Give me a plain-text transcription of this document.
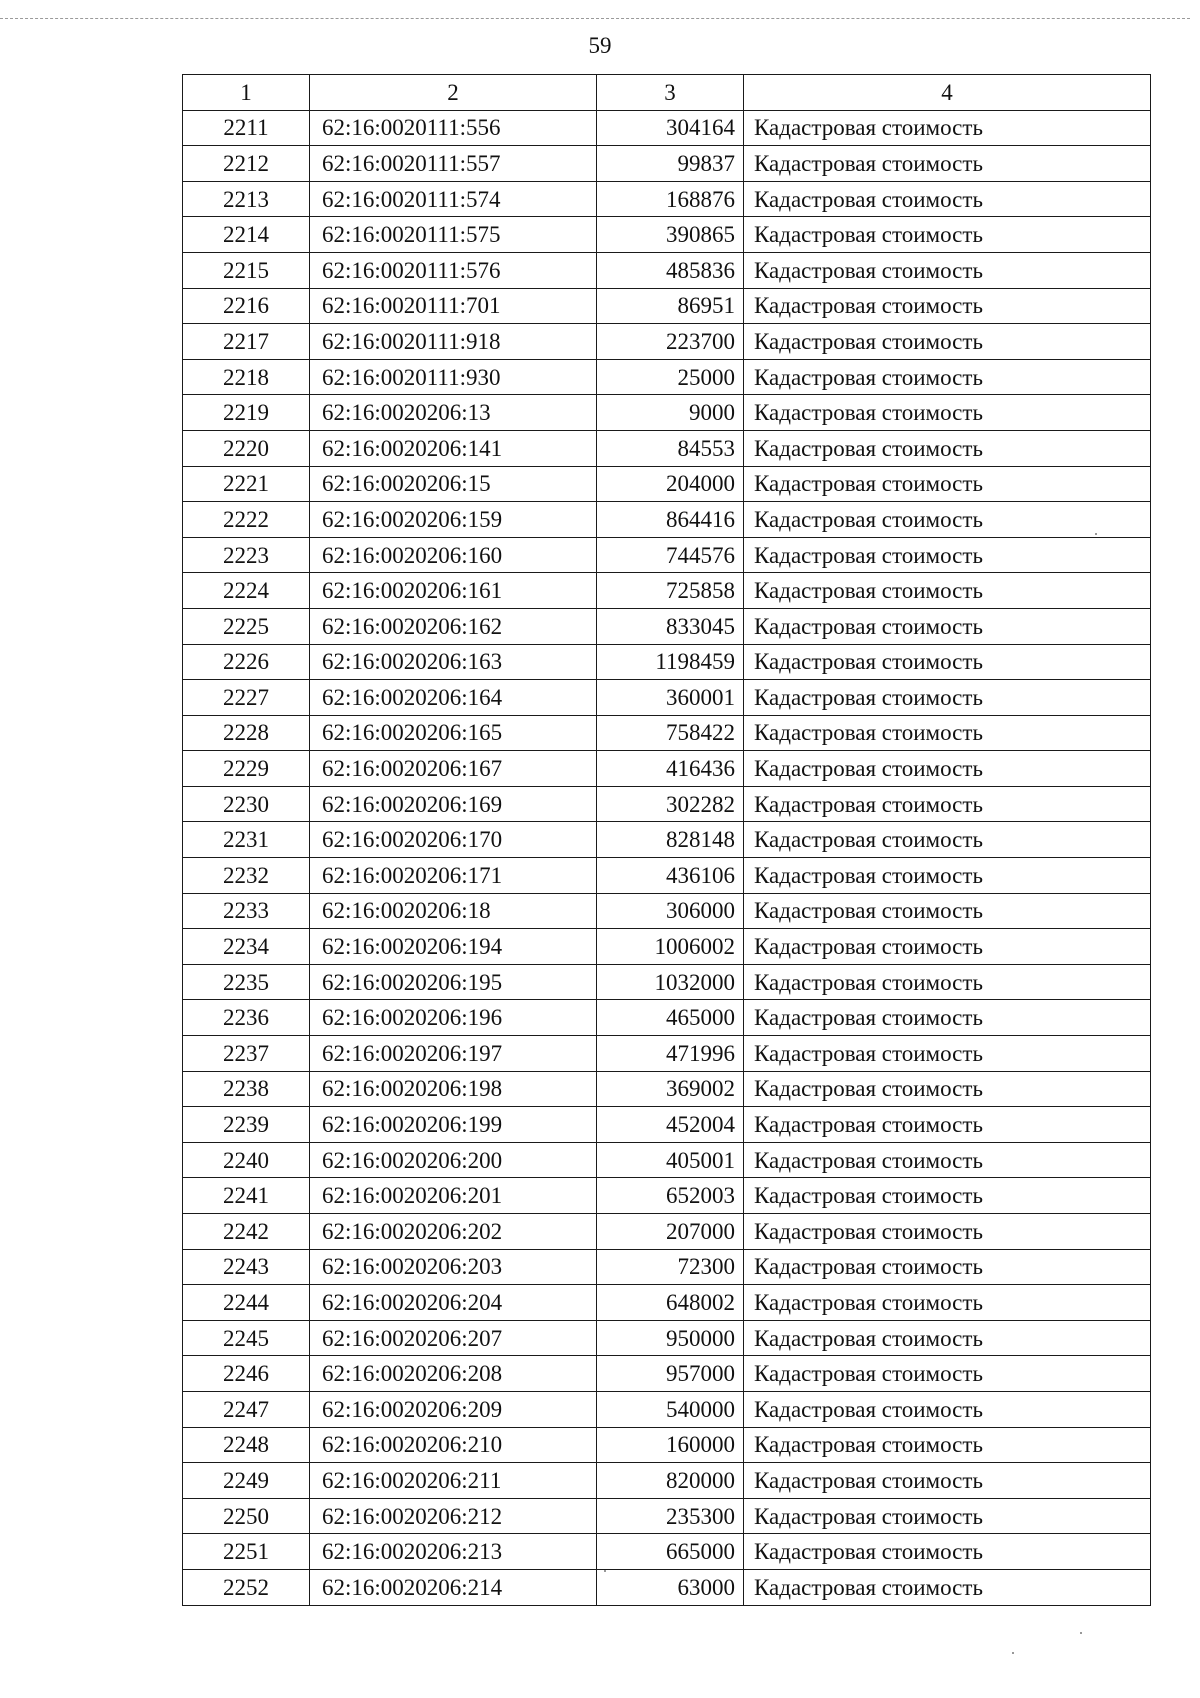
59
1	2	3	4
2211	62:16:0020111:556	304164	Кадастровая стоимость
2212	62:16:0020111:557	99837	Кадастровая стоимость
2213	62:16:0020111:574	168876	Кадастровая стоимость
2214	62:16:0020111:575	390865	Кадастровая стоимость
2215	62:16:0020111:576	485836	Кадастровая стоимость
2216	62:16:0020111:701	86951	Кадастровая стоимость
2217	62:16:0020111:918	223700	Кадастровая стоимость
2218	62:16:0020111:930	25000	Кадастровая стоимость
2219	62:16:0020206:13	9000	Кадастровая стоимость
2220	62:16:0020206:141	84553	Кадастровая стоимость
2221	62:16:0020206:15	204000	Кадастровая стоимость
2222	62:16:0020206:159	864416	Кадастровая стоимость
2223	62:16:0020206:160	744576	Кадастровая стоимость
2224	62:16:0020206:161	725858	Кадастровая стоимость
2225	62:16:0020206:162	833045	Кадастровая стоимость
2226	62:16:0020206:163	1198459	Кадастровая стоимость
2227	62:16:0020206:164	360001	Кадастровая стоимость
2228	62:16:0020206:165	758422	Кадастровая стоимость
2229	62:16:0020206:167	416436	Кадастровая стоимость
2230	62:16:0020206:169	302282	Кадастровая стоимость
2231	62:16:0020206:170	828148	Кадастровая стоимость
2232	62:16:0020206:171	436106	Кадастровая стоимость
2233	62:16:0020206:18	306000	Кадастровая стоимость
2234	62:16:0020206:194	1006002	Кадастровая стоимость
2235	62:16:0020206:195	1032000	Кадастровая стоимость
2236	62:16:0020206:196	465000	Кадастровая стоимость
2237	62:16:0020206:197	471996	Кадастровая стоимость
2238	62:16:0020206:198	369002	Кадастровая стоимость
2239	62:16:0020206:199	452004	Кадастровая стоимость
2240	62:16:0020206:200	405001	Кадастровая стоимость
2241	62:16:0020206:201	652003	Кадастровая стоимость
2242	62:16:0020206:202	207000	Кадастровая стоимость
2243	62:16:0020206:203	72300	Кадастровая стоимость
2244	62:16:0020206:204	648002	Кадастровая стоимость
2245	62:16:0020206:207	950000	Кадастровая стоимость
2246	62:16:0020206:208	957000	Кадастровая стоимость
2247	62:16:0020206:209	540000	Кадастровая стоимость
2248	62:16:0020206:210	160000	Кадастровая стоимость
2249	62:16:0020206:211	820000	Кадастровая стоимость
2250	62:16:0020206:212	235300	Кадастровая стоимость
2251	62:16:0020206:213	665000	Кадастровая стоимость
2252	62:16:0020206:214	63000	Кадастровая стоимость
